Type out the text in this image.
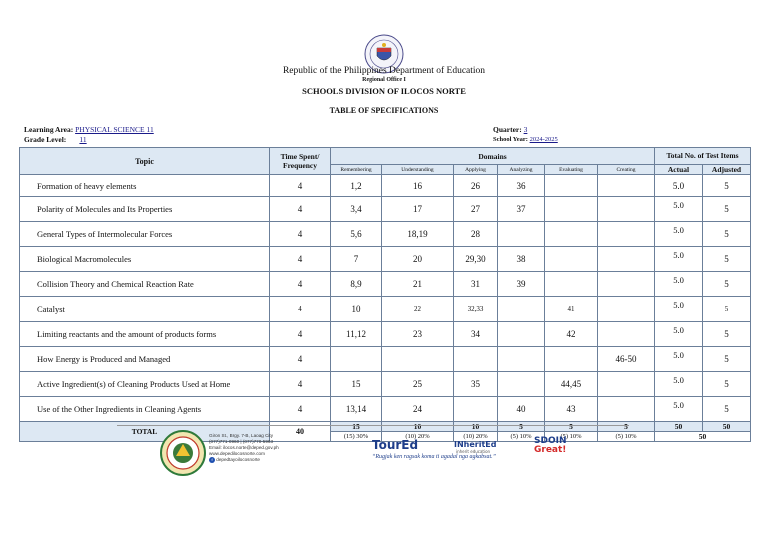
Republic of the Philippines Department of Education
Regional Office I
SCHOOLS DIVISION OF ILOCOS NORTE
TABLE OF SPECIFICATIONS
Learning Area: PHYSICAL SCIENCE 11
Grade Level: 11
Quarter: 3
School Year: 2024-2025
Topic	Time Spent/ Frequency	Domains						Total No. of Test Items	
		Remembering	Understanding	Applying	Analyzing	Evaluating	Creating	Actual	Adjusted
Formation of heavy elements	4	1,2	16	26	36			5.0	5
Polarity of Molecules and Its Properties	4	3,4	17	27	37			5.0	5
General Types of Intermolecular Forces	4	5,6	18,19	28				5.0	5
Biological Macromolecules	4	7	20	29,30	38			5.0	5
Collision Theory and Chemical Reaction Rate	4	8,9	21	31	39			5.0	5
Catalyst	4	10	22	32,33		41		5.0	5
Limiting reactants and the amount of products forms	4	11,12	23	34		42		5.0	5
How Energy is Produced and Managed	4						46-50	5.0	5
Active Ingredient(s) of Cleaning Products Used at Home	4	15	25	35		44,45		5.0	5
Use of the Other Ingredients in Cleaning Agents	4	13,14	24		40	43		5.0	5
TOTAL	40	15	10	10	5	5	5	50	50
		(15) 30%	(10) 20%	(10) 20%	(5) 10%	(5) 10%	(5) 10%	50	
Giron St., Brgy. 7-B, Laoag City
(077)771-0960 | (077)770-5963
Email: ilocos.norte@deped.gov.ph
www.depedilocosnorte.com
f depedtayoilocosnorte
TourEd	INheritEd
inherit education
SDOIN
Great!
“Rugjak ken ragsak koma ti agadal nga agkabsat.”
